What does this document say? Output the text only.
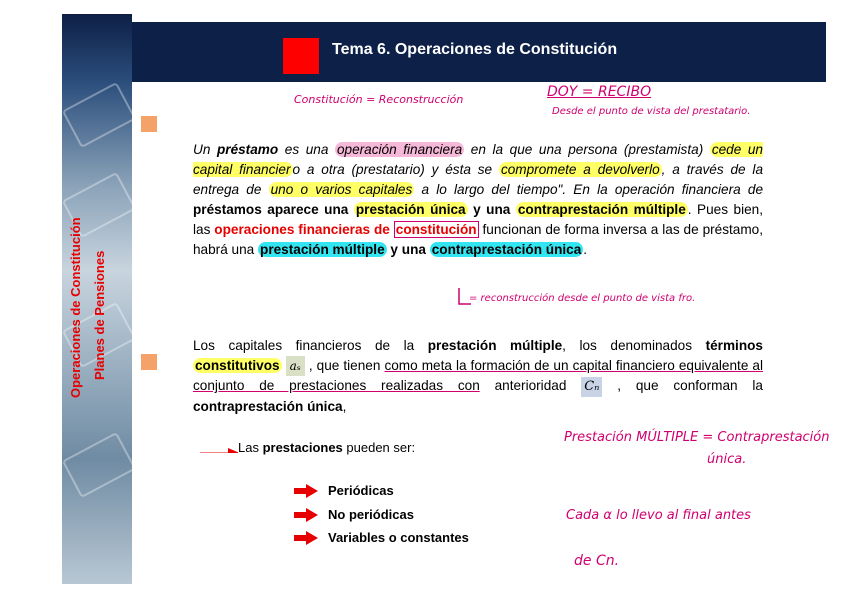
Operaciones de Constitución Planes de Pensiones
Tema 6. Operaciones de Constitución
Constitución = Reconstrucción	DOY = RECIBO
Desde el punto de vista del prestatario.
= reconstrucción desde el punto de vista fro.
Prestación MÚLTIPLE = Contraprestación
única.
Cada α lo llevo al final antes
de Cn.
Un préstamo es una operación financiera en la que una persona (prestamista) cede un capital financier o a otra (prestatario) y ésta se compromete a devolverlo , a través de la entrega de uno o varios capitales a lo largo del tiempo". En la operación financiera de préstamos aparece una prestación única y una contraprestación múltiple . Pues bien, las operaciones financieras de constitución funcionan de forma inversa a las de préstamo, habrá una prestación múltiple y una contraprestación única .
Los capitales financieros de la prestación múltiple, los denominados términos constitutivos aₛ , que tienen como meta la formación de un capital financiero equivalente al conjunto de prestaciones realizadas con anterioridad Cₙ , que conforman la contraprestación única,
Las prestaciones pueden ser:
Periódicas
No periódicas
Variables o constantes
